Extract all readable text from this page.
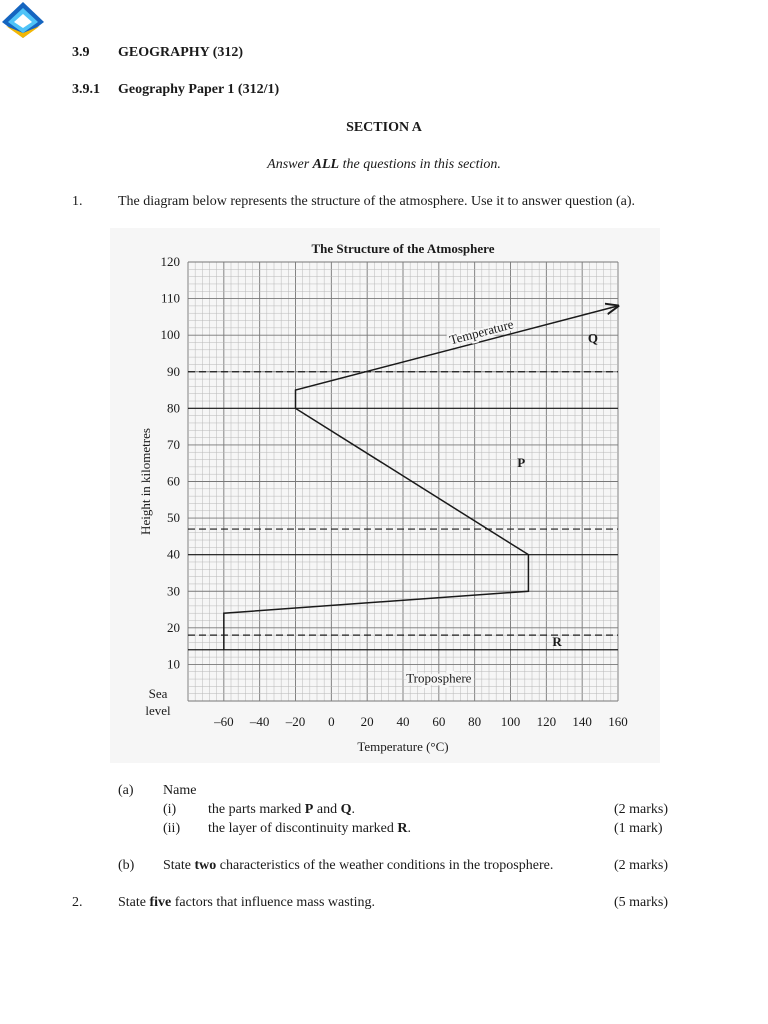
3.9 GEOGRAPHY (312)
3.9.1 Geography Paper 1 (312/1)
SECTION A
Answer ALL the questions in this section.
1.	The diagram below represents the structure of the atmosphere. Use it to answer question (a).
Temperature
–60 –40 –20 0 20 40 60 80 100 120 140 160
120
110
100
90
80
70
60
50
40
30
20
10
Sea
level
The Structure of the Atmosphere
Temperature (°C)
Height in kilometres
Q
P
R
Troposphere
(a) Name
(i) the parts marked P and Q.	(2 marks)
(ii) the layer of discontinuity marked R.	(1 mark)
(b) State two characteristics of the weather conditions in the troposphere.	(2 marks)
2.	State five factors that influence mass wasting.	(5 marks)
